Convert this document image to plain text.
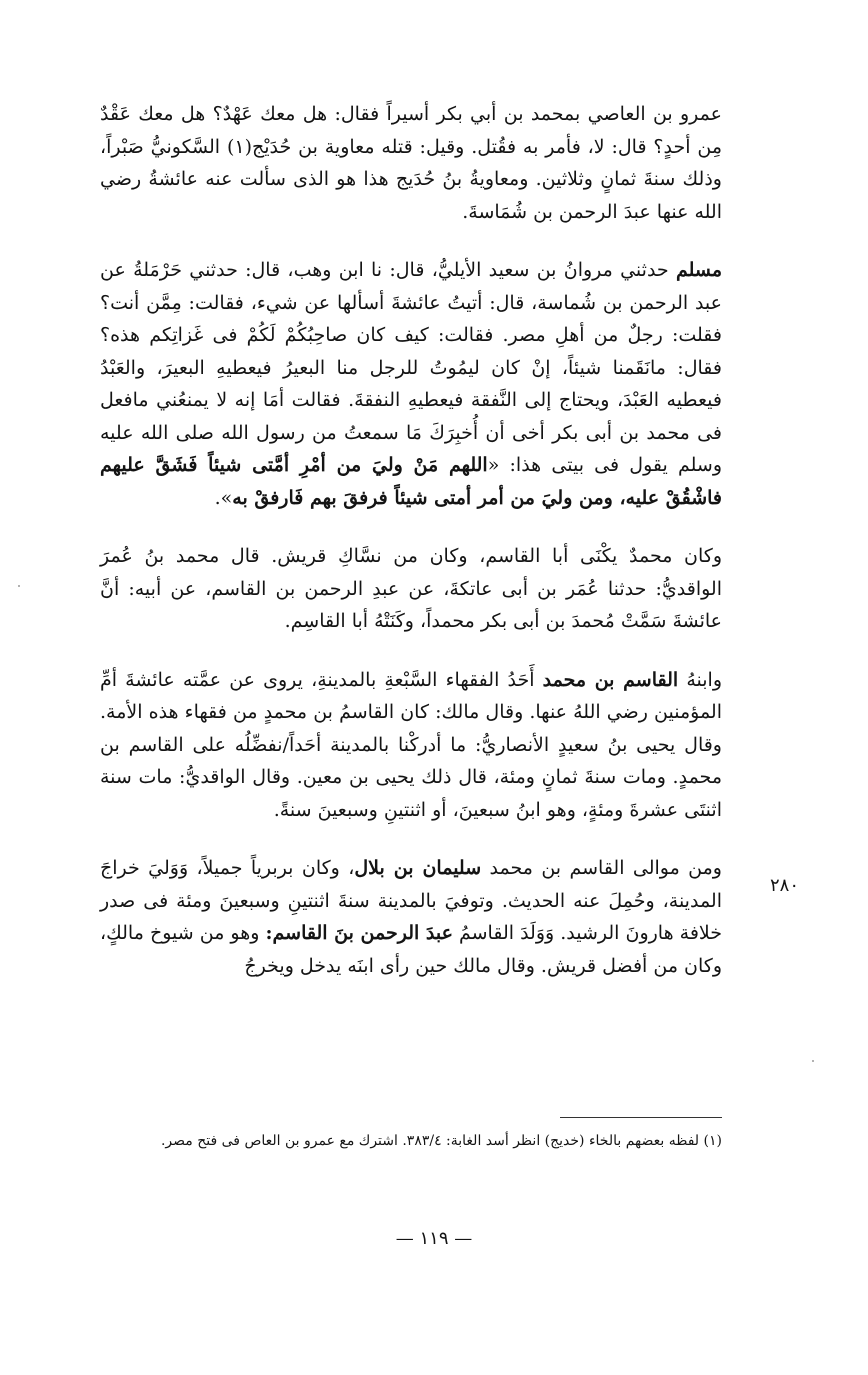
عمرو بن العاصي بمحمد بن أبي بكر أسيراً فقال: هل معك عَهْدٌ؟ هل معك عَقْدٌ مِن أحدٍ؟ قال: لا، فأمر به فقُتل. وقيل: قتله معاوية بن حُدَيْج(١) السَّكونيُّ صَبْراً، وذلك سنةَ ثمانٍ وثلاثين. ومعاويةُ بنُ حُدَيج هذا هو الذى سألت عنه عائشةُ رضي الله عنها عبدَ الرحمن بن شُمَاسةَ.

مسلم حدثني مروانُ بن سعيد الأيليُّ، قال: نا ابن وهب، قال: حدثني حَرْمَلةُ عن عبد الرحمن بن شُماسة، قال: أتيتُ عائشةَ أسألها عن شيء، فقالت: مِمَّن أنت؟ فقلت: رجلٌ من أهلِ مصر. فقالت: كيف كان صاحِبُكُمْ لَكُمْ فى غَزاتِكم هذه؟ فقال: مانَقَمنا شيئاً، إنْ كان ليمُوتُ للرجل منا البعيرُ فيعطيهِ البعيرَ، والعَبْدُ فيعطيه العَبْدَ، ويحتاج إلى النَّفقة فيعطيهِ النفقةَ. فقالت أمَا إنه لا يمنعُني مافعل فى محمد بن أبى بكر أخى أن أُخبِرَكَ مَا سمعتُ من رسول الله صلى الله عليه وسلم يقول فى بيتى هذا: «اللهم مَنْ وليَ من أمْرِ أمَّتى شيئاً فَشَقَّ عليهم فاشْقُقْ عليه، ومن وليَ من أمر أمتى شيئاً فرفقَ بهم فَارفقْ به».

وكان محمدٌ يكْنَى أبا القاسم، وكان من نسَّاكِ قريش. قال محمد بنُ عُمرَ الواقديُّ: حدثنا عُمَر بن أبى عاتكةَ، عن عبدِ الرحمن بن القاسم، عن أبيه: أنَّ عائشةَ سَمَّتْ مُحمدَ بن أبى بكر محمداً، وكَنَتْهُ أبا القاسِم.

وابنهُ القاسم بن محمد أَحَدُ الفقهاء السَّبْعةِ بالمدينةِ، يروى عن عمَّته عائشةَ أمِّ المؤمنين رضي اللهُ عنها. وقال مالك: كان القاسمُ بن محمدٍ من فقهاء هذه الأمة. وقال يحيى بنُ سعيدٍ الأنصاريُّ: ما أدركْنا بالمدينة أحَداً/نفضِّلُه على القاسم بن محمدٍ. ومات سنةَ ثمانٍ ومئة، قال ذلك يحيى بن معين. وقال الواقديُّ: مات سنة اثنتَى عشرةَ ومئةٍ، وهو ابنُ سبعينَ، أو اثنتينِ وسبعينَ سنةً.

ومن موالى القاسم بن محمد سليمان بن بلال، وكان بربرياً جميلاً، وَوَليَ خراجَ المدينة، وحُمِلَ عنه الحديث. وتوفيَ بالمدينة سنةَ اثنتينِ وسبعينَ ومئة فى صدر خلافة هارونَ الرشيد. وَوَلَدَ القاسمُ عبدَ الرحمن بنَ القاسم: وهو من شيوخ مالكٍ، وكان من أفضل قريش. وقال مالك حين رأى ابنَه يدخل ويخرجُ

٢٨٠
(١) لفظه بعضهم بالخاء (خديج) انظر أسد الغابة: ٣٨٣/٤. اشترك مع عمرو بن العاص فى فتح مصر.
— ١١٩ —
